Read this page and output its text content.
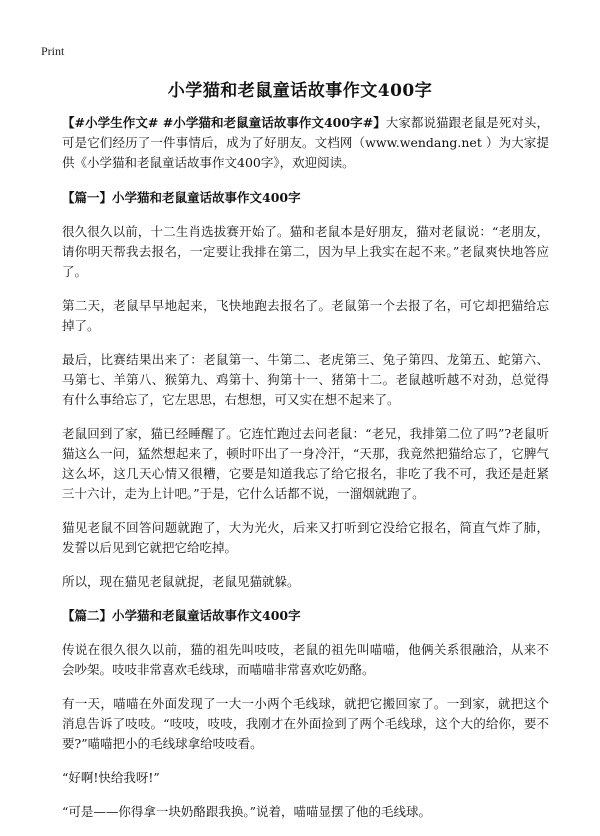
Print
小学猫和老鼠童话故事作文400字

【#小学生作文# #小学猫和老鼠童话故事作文400字#】大家都说猫跟老鼠是死对头，可是它们经历了一件事情后，成为了好朋友。文档网（www.wendang.net ）为大家提供《小学猫和老鼠童话故事作文400字》，欢迎阅读。

【篇一】小学猫和老鼠童话故事作文400字

很久很久以前，十二生肖选拔赛开始了。猫和老鼠本是好朋友，猫对老鼠说：“老朋友，请你明天帮我去报名，一定要让我排在第二，因为早上我实在起不来。”老鼠爽快地答应了。

第二天，老鼠早早地起来，飞快地跑去报名了。老鼠第一个去报了名，可它却把猫给忘掉了。

最后，比赛结果出来了：老鼠第一、牛第二、老虎第三、兔子第四、龙第五、蛇第六、马第七、羊第八、猴第九、鸡第十、狗第十一、猪第十二。老鼠越听越不对劲，总觉得有什么事给忘了，它左思思，右想想，可又实在想不起来了。

老鼠回到了家，猫已经睡醒了。它连忙跑过去问老鼠：“老兄，我排第二位了吗”?老鼠听猫这么一问，猛然想起来了，顿时吓出了一身冷汗，“天那，我竟然把猫给忘了，它脾气这么坏，这几天心情又很糟，它要是知道我忘了给它报名，非吃了我不可，我还是赶紧三十六计，走为上计吧。”于是，它什么话都不说，一溜烟就跑了。

猫见老鼠不回答问题就跑了，大为光火，后来又打听到它没给它报名，简直气炸了肺，发誓以后见到它就把它给吃掉。

所以，现在猫见老鼠就捉，老鼠见猫就躲。

【篇二】小学猫和老鼠童话故事作文400字

传说在很久很久以前，猫的祖先叫吱吱，老鼠的祖先叫喵喵，他俩关系很融洽，从来不会吵架。吱吱非常喜欢毛线球，而喵喵非常喜欢吃奶酪。

有一天，喵喵在外面发现了一大一小两个毛线球，就把它搬回家了。一到家，就把这个消息告诉了吱吱。“吱吱，吱吱，我刚才在外面捡到了两个毛线球，这个大的给你，要不要?”喵喵把小的毛线球拿给吱吱看。

“好啊!快给我呀!”

“可是——你得拿一块奶酪跟我换。”说着，喵喵显摆了他的毛线球。
